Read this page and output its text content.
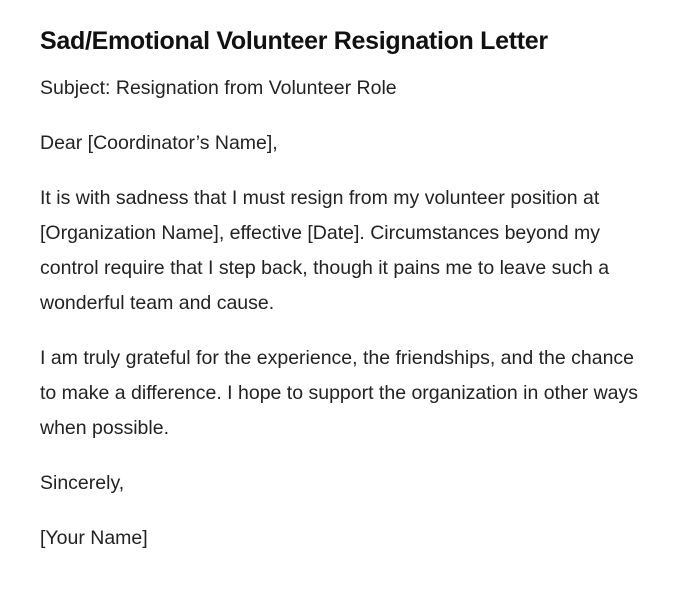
Sad/Emotional Volunteer Resignation Letter

Subject: Resignation from Volunteer Role

Dear [Coordinator’s Name],

It is with sadness that I must resign from my volunteer position at [Organization Name], effective [Date]. Circumstances beyond my control require that I step back, though it pains me to leave such a wonderful team and cause.

I am truly grateful for the experience, the friendships, and the chance to make a difference. I hope to support the organization in other ways when possible.

Sincerely,

[Your Name]
